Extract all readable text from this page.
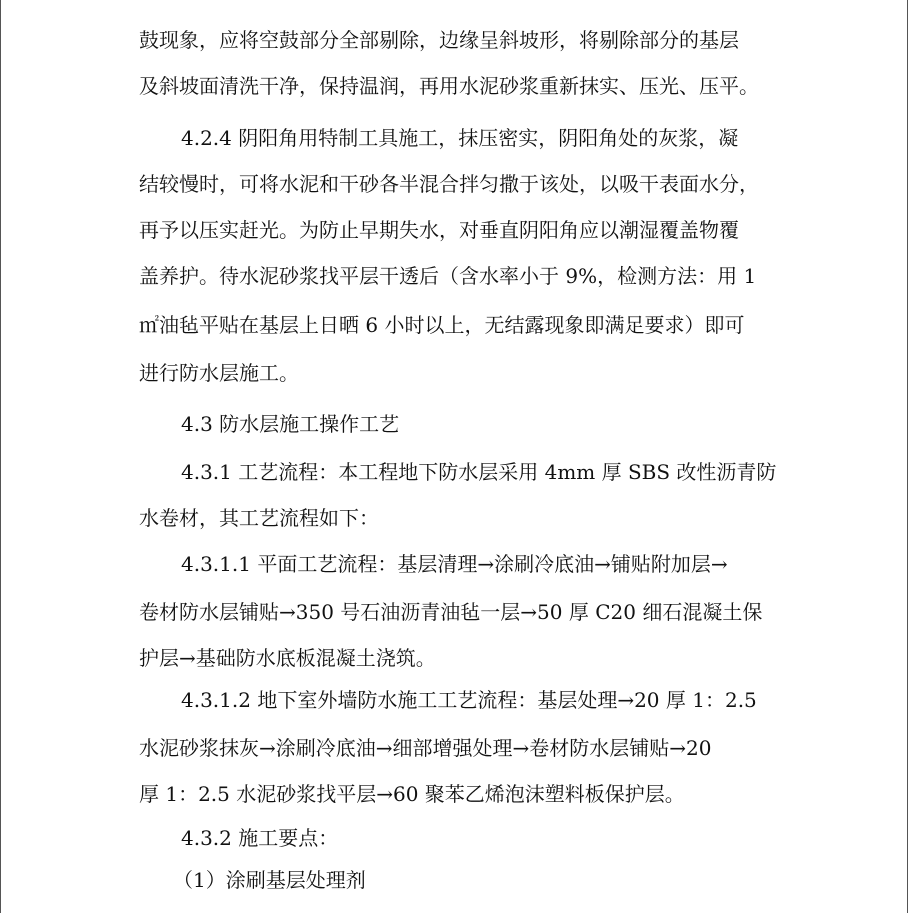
鼓现象，应将空鼓部分全部剔除，边缘呈斜坡形，将剔除部分的基层
及斜坡面清洗干净，保持温润，再用水泥砂浆重新抹实、压光、压平。
4.2.4 阴阳角用特制工具施工，抹压密实，阴阳角处的灰浆，凝
结较慢时，可将水泥和干砂各半混合拌匀撒于该处，以吸干表面水分，
再予以压实赶光。为防止早期失水，对垂直阴阳角应以潮湿覆盖物覆
盖养护。待水泥砂浆找平层干透后（含水率小于 9%，检测方法：用 1
㎡油毡平贴在基层上日晒 6 小时以上，无结露现象即满足要求）即可
进行防水层施工。
4.3 防水层施工操作工艺
4.3.1 工艺流程：本工程地下防水层采用 4mm 厚 SBS 改性沥青防
水卷材，其工艺流程如下：
4.3.1.1 平面工艺流程：基层清理→涂刷冷底油→铺贴附加层→
卷材防水层铺贴→350 号石油沥青油毡一层→50 厚 C20 细石混凝土保
护层→基础防水底板混凝土浇筑。
4.3.1.2 地下室外墙防水施工工艺流程：基层处理→20 厚 1：2.5
水泥砂浆抹灰→涂刷冷底油→细部增强处理→卷材防水层铺贴→20
厚 1：2.5 水泥砂浆找平层→60 聚苯乙烯泡沫塑料板保护层。
4.3.2 施工要点：
（1）涂刷基层处理剂
